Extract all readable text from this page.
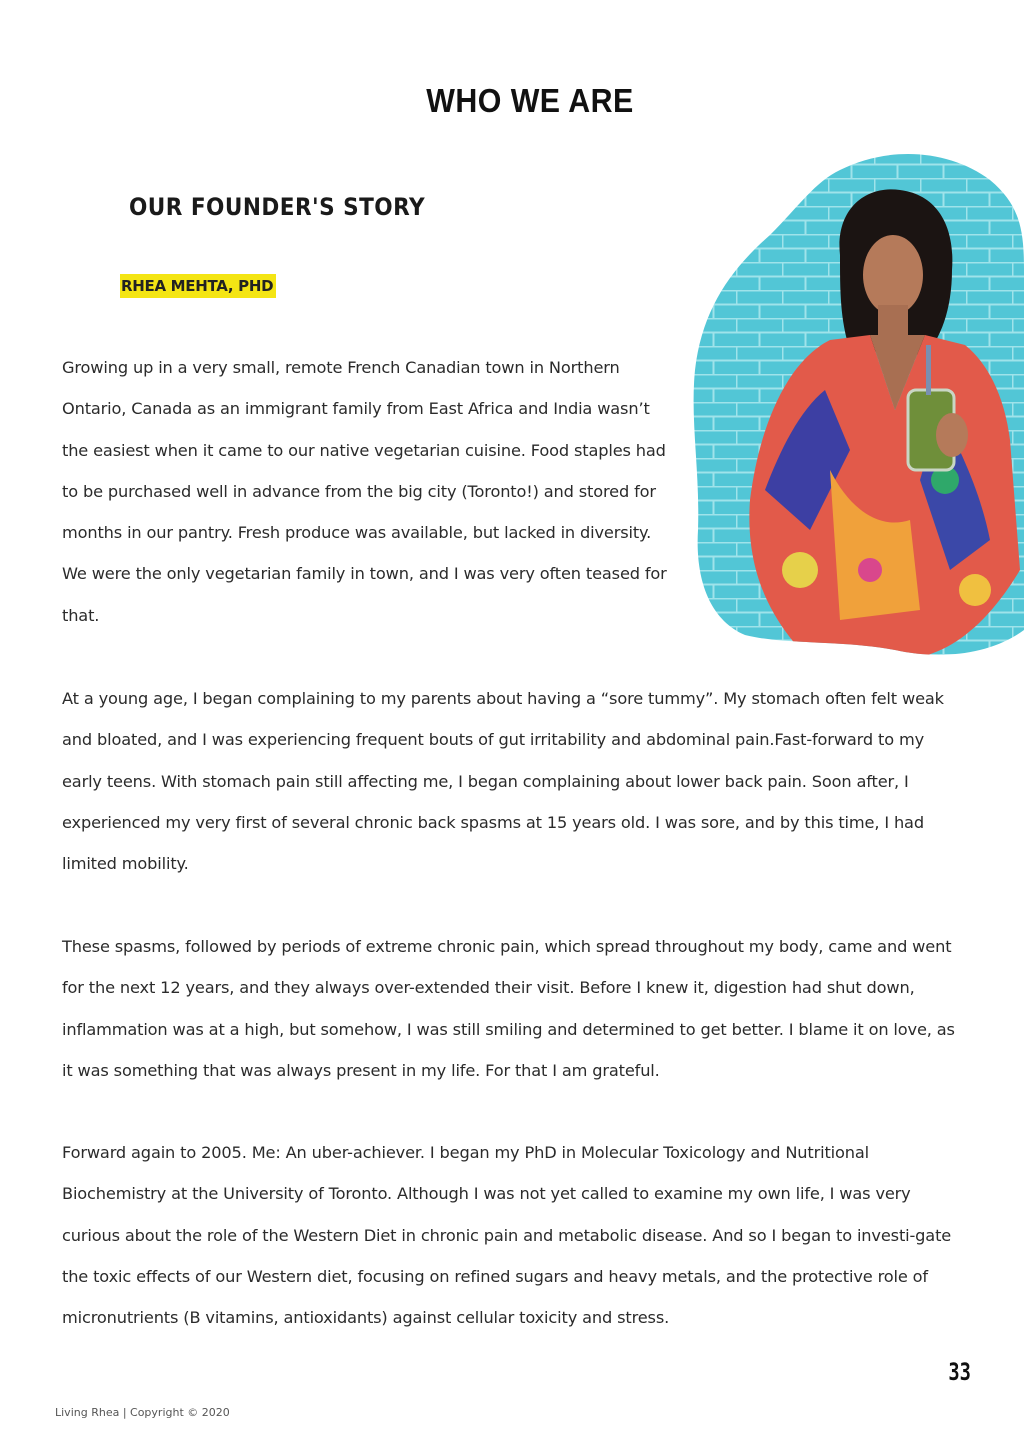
WHO WE ARE
OUR FOUNDER'S STORY
RHEA MEHTA, PHD

Growing up in a very small, remote French Canadian town in Northern Ontario, Canada as an immigrant family from East Africa and India wasn’t the easiest when it came to our native vegetarian cuisine. Food staples had to be purchased well in advance from the big city (Toronto!) and stored for months in our pantry. Fresh produce was available, but lacked in diversity. We were the only vegetarian family in town, and I was very often teased for that.

At a young age, I began complaining to my parents about having a “sore tummy”. My stomach often felt weak and bloated, and I was experiencing frequent bouts of gut irritability and abdominal pain.Fast-forward to my early teens. With stomach pain still affecting me, I began complaining about lower back pain. Soon after, I experienced my very first of several chronic back spasms at 15 years old. I was sore, and by this time, I had limited mobility.

These spasms, followed by periods of extreme chronic pain, which spread throughout my body, came and went for the next 12 years, and they always over-extended their visit. Before I knew it, digestion had shut down, inflammation was at a high, but somehow, I was still smiling and determined to get better. I blame it on love, as it was something that was always present in my life. For that I am grateful.

Forward again to 2005. Me: An uber-achiever. I began my PhD in Molecular Toxicology and Nutritional Biochemistry at the University of Toronto. Although I was not yet called to examine my own life, I was very curious about the role of the Western Diet in chronic pain and metabolic disease. And so I began to investi-gate the toxic effects of our Western diet, focusing on refined sugars and heavy metals, and the protective role of micronutrients (B vitamins, antioxidants) against cellular toxicity and stress.

33
Living Rhea | Copyright © 2020
